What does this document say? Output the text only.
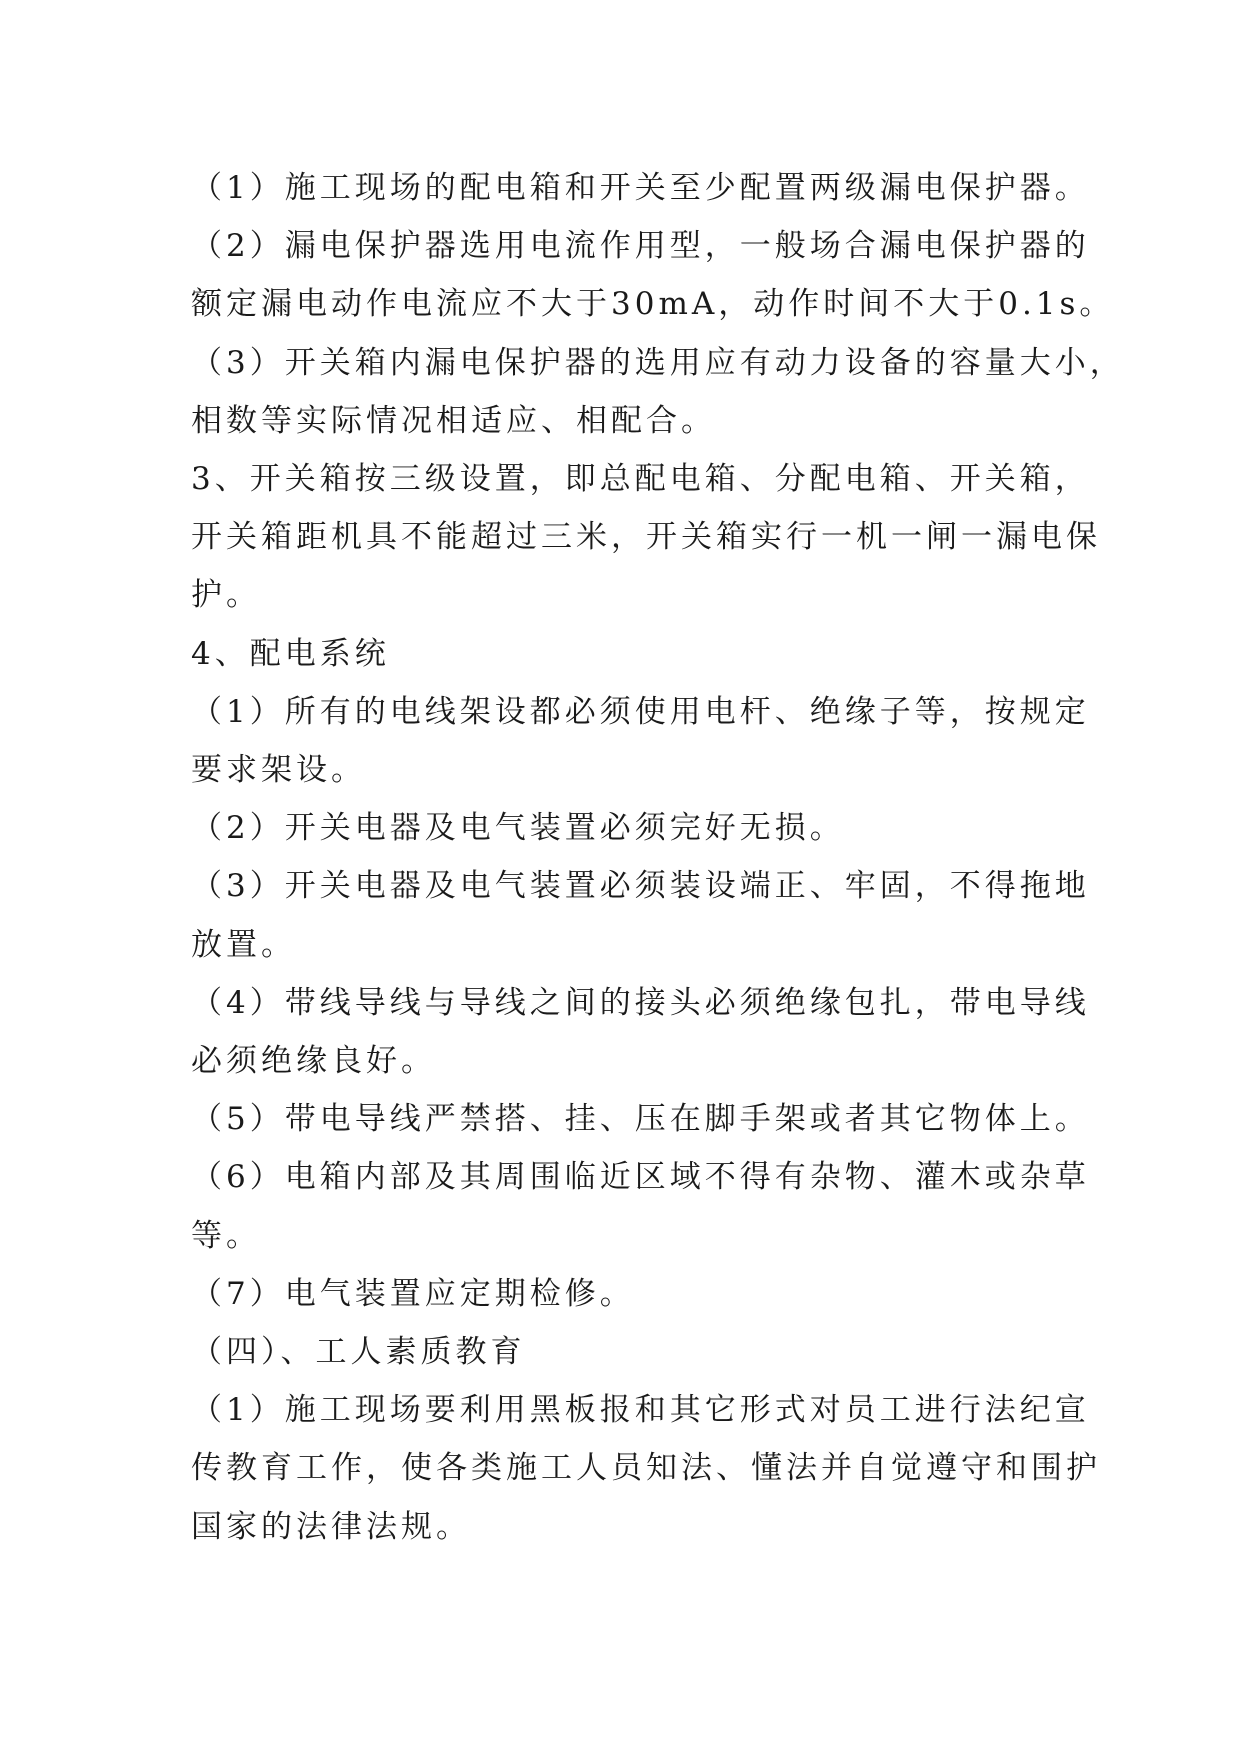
（1）施工现场的配电箱和开关至少配置两级漏电保护器。
（2）漏电保护器选用电流作用型，一般场合漏电保护器的
额定漏电动作电流应不大于30mA，动作时间不大于0.1s。
（3）开关箱内漏电保护器的选用应有动力设备的容量大小，
相数等实际情况相适应、相配合。
3、开关箱按三级设置，即总配电箱、分配电箱、开关箱，
开关箱距机具不能超过三米，开关箱实行一机一闸一漏电保
护。
4、配电系统
（1）所有的电线架设都必须使用电杆、绝缘子等，按规定
要求架设。
（2）开关电器及电气装置必须完好无损。
（3）开关电器及电气装置必须装设端正、牢固，不得拖地
放置。
（4）带线导线与导线之间的接头必须绝缘包扎，带电导线
必须绝缘良好。
（5）带电导线严禁搭、挂、压在脚手架或者其它物体上。
（6）电箱内部及其周围临近区域不得有杂物、灌木或杂草
等。
（7）电气装置应定期检修。
（四）、工人素质教育
（1）施工现场要利用黑板报和其它形式对员工进行法纪宣
传教育工作，使各类施工人员知法、懂法并自觉遵守和围护
国家的法律法规。
